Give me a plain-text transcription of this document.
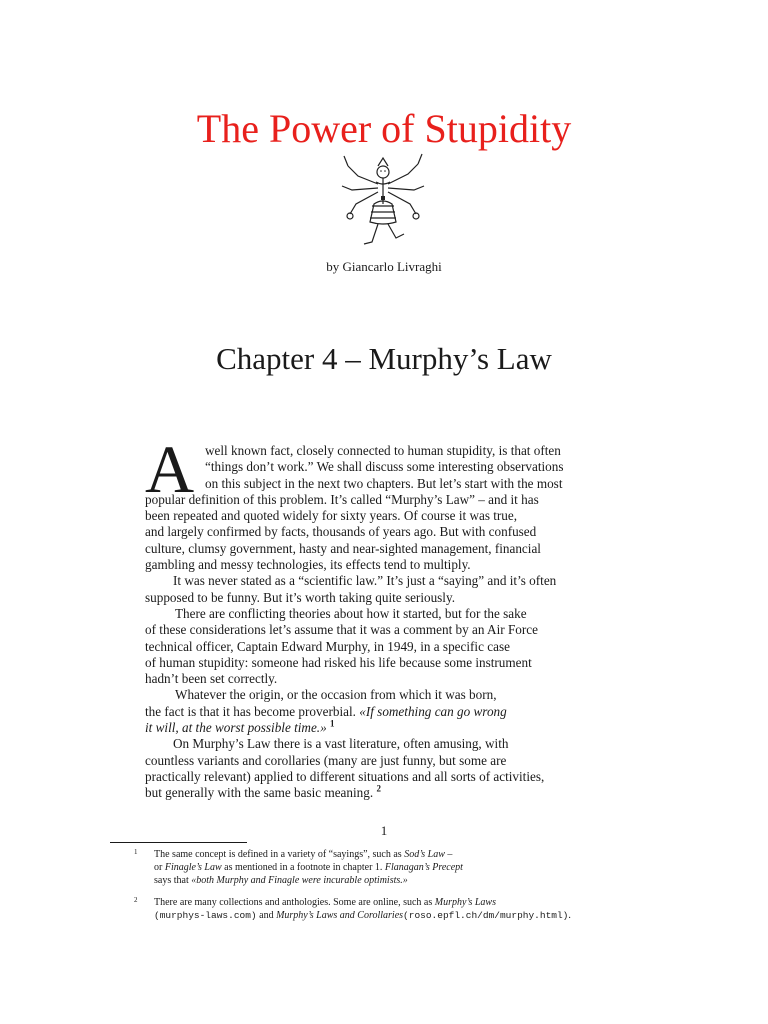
The Power of Stupidity
by Giancarlo Livraghi
Chapter 4 – Murphy’s Law
A well known fact, closely connected to human stupidity, is that often
“things don’t work.” We shall discuss some interesting observations
on this subject in the next two chapters. But let’s start with the most
popular definition of this problem. It’s called “Murphy’s Law” – and it has
been repeated and quoted widely for sixty years. Of course it was true,
and largely confirmed by facts, thousands of years ago. But with confused
culture, clumsy government, hasty and near-sighted management, financial
gambling and messy technologies, its effects tend to multiply.
It was never stated as a “scientific law.” It’s just a “saying” and it’s often
supposed to be funny. But it’s worth taking quite seriously.
There are conflicting theories about how it started, but for the sake
of these considerations let’s assume that it was a comment by an Air Force
technical officer, Captain Edward Murphy, in 1949, in a specific case
of human stupidity: someone had risked his life because some instrument
hadn’t been set correctly.
Whatever the origin, or the occasion from which it was born,
the fact is that it has become proverbial. «If something can go wrong
it will, at the worst possible time.» $^1$
On Murphy’s Law there is a vast literature, often amusing, with
countless variants and corollaries (many are just funny, but some are
practically relevant) applied to different situations and all sorts of activities,
but generally with the same basic meaning. $^2$
1
1	The same concept is defined in a variety of “sayings”, such as Sod’s Law –
or Finagle’s Law as mentioned in a footnote in chapter 1. Flanagan’s Precept
says that «both Murphy and Finagle were incurable optimists.»
2	There are many collections and anthologies. Some are online, such as Murphy’s Laws
(murphys-laws.com) and Murphy’s Laws and Corollaries(roso.epfl.ch/dm/murphy.html).
